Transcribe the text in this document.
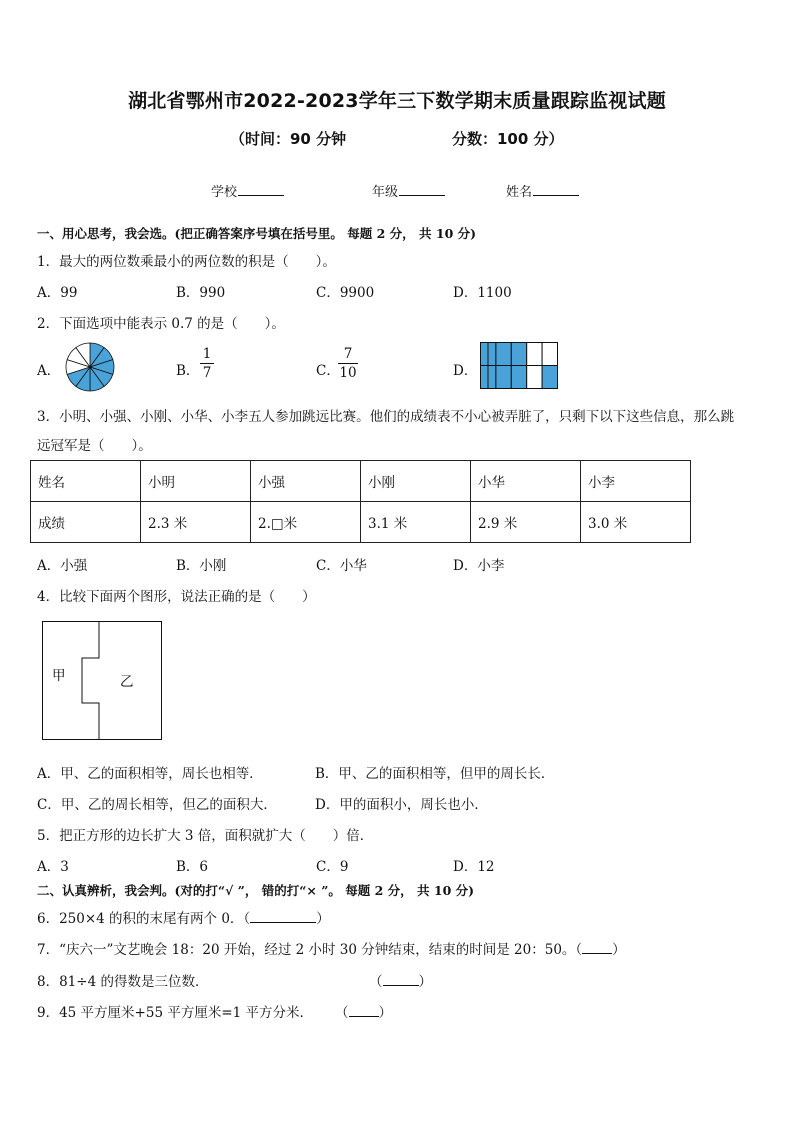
湖北省鄂州市2022-2023学年三下数学期末质量跟踪监视试题
（时间：90 分钟	分数：100 分）
学校	年级	姓名
一、用心思考，我会选。(把正确答案序号填在括号里。 每题 2 分， 共 10 分)
1．最大的两位数乘最小的两位数的积是（　　）。
A．99	B．990	C．9900	D．1100
2．下面选项中能表示 0.7 的是（　　）。
A．	B．
1
7	C．
7
10	D．
3．小明、小强、小刚、小华、小李五人参加跳远比赛。他们的成绩表不小心被弄脏了，只剩下以下这些信息，那么跳
远冠军是（　　）。
姓名	小明	小强	小刚	小华	小李
成绩	2.3 米	2.□米	3.1 米	2.9 米	3.0 米
A．小强	B．小刚	C．小华	D．小李
4．比较下面两个图形，说法正确的是（　　）
甲	乙
A．甲、乙的面积相等，周长也相等．	B．甲、乙的面积相等，但甲的周长长．
C．甲、乙的周长相等，但乙的面积大．	D．甲的面积小，周长也小．
5．把正方形的边长扩大 3 倍，面积就扩大（　　）倍．
A．3	B．6	C．9	D．12
二、认真辨析，我会判。(对的打“√ ”， 错的打“× ”。 每题 2 分， 共 10 分)
6．250×4 的积的末尾有两个 0．（	）
7．“庆六一”文艺晚会 18：20 开始，经过 2 小时 30 分钟结束，结束的时间是 20：50。（ ）
8．81÷4 的得数是三位数．	（	）
9．45 平方厘米+55 平方厘米=1 平方分米． （ ）
